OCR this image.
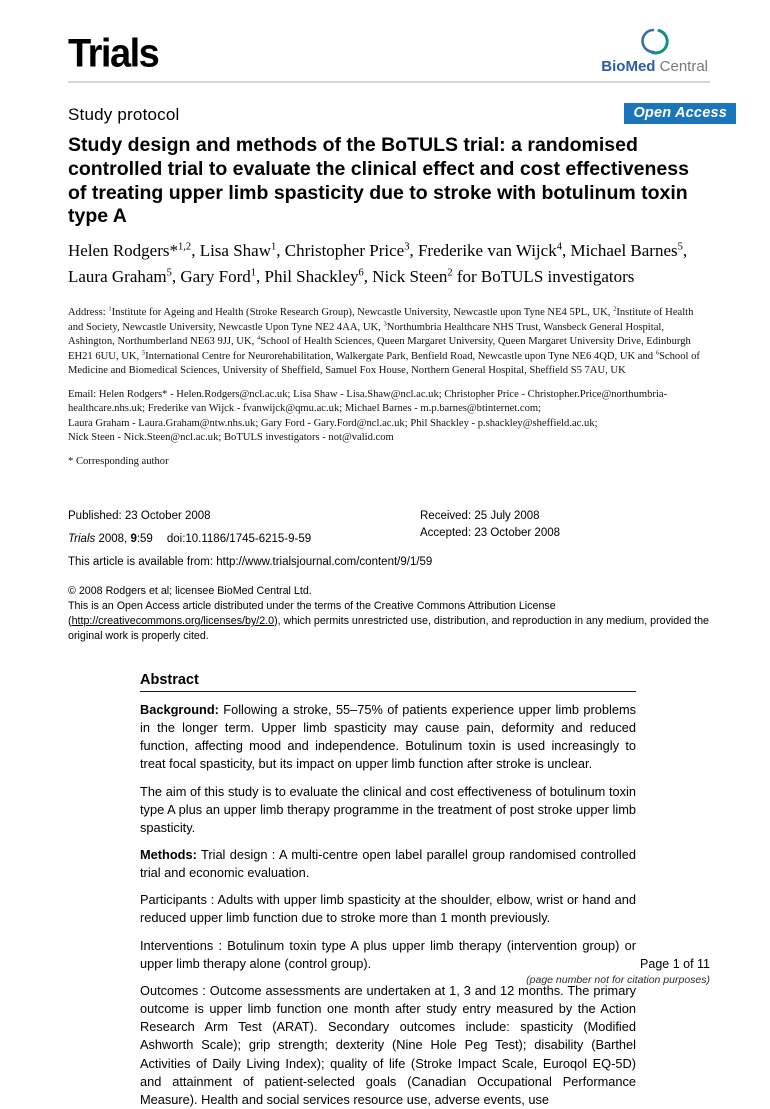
Trials	BioMed Central
Study protocol	Open Access
Study design and methods of the BoTULS trial: a randomised controlled trial to evaluate the clinical effect and cost effectiveness of treating upper limb spasticity due to stroke with botulinum toxin type A
Helen Rodgers*$^{1,2}$, Lisa Shaw$^1$, Christopher Price$^3$, Frederike van Wijck$^4$, Michael Barnes$^5$, Laura Graham$^5$, Gary Ford$^1$, Phil Shackley$^6$, Nick Steen$^2$ for BoTULS investigators
Address: $^1$Institute for Ageing and Health (Stroke Research Group), Newcastle University, Newcastle upon Tyne NE4 5PL, UK, $^2$Institute of Health and Society, Newcastle University, Newcastle Upon Tyne NE2 4AA, UK, $^3$Northumbria Healthcare NHS Trust, Wansbeck General Hospital, Ashington, Northumberland NE63 9JJ, UK, $^4$School of Health Sciences, Queen Margaret University, Queen Margaret University Drive, Edinburgh EH21 6UU, UK, $^5$International Centre for Neurorehabilitation, Walkergate Park, Benfield Road, Newcastle upon Tyne NE6 4QD, UK and $^6$School of Medicine and Biomedical Sciences, University of Sheffield, Samuel Fox House, Northern General Hospital, Sheffield S5 7AU, UK
Email: Helen Rodgers* - Helen.Rodgers@ncl.ac.uk; Lisa Shaw - Lisa.Shaw@ncl.ac.uk; Christopher Price - Christopher.Price@northumbria-
healthcare.nhs.uk; Frederike van Wijck - fvanwijck@qmu.ac.uk; Michael Barnes - m.p.barnes@btinternet.com;
Laura Graham - Laura.Graham@ntw.nhs.uk; Gary Ford - Gary.Ford@ncl.ac.uk; Phil Shackley - p.shackley@sheffield.ac.uk;
Nick Steen - Nick.Steen@ncl.ac.uk; BoTULS investigators - not@valid.com
* Corresponding author
Published: 23 October 2008
Trials 2008, 9:59 doi:10.1186/1745-6215-9-59
This article is available from: http://www.trialsjournal.com/content/9/1/59
Received: 25 July 2008
Accepted: 23 October 2008
© 2008 Rodgers et al; licensee BioMed Central Ltd.
This is an Open Access article distributed under the terms of the Creative Commons Attribution License (http://creativecommons.org/licenses/by/2.0), which permits unrestricted use, distribution, and reproduction in any medium, provided the original work is properly cited.
Abstract

Background: Following a stroke, 55–75% of patients experience upper limb problems in the longer term. Upper limb spasticity may cause pain, deformity and reduced function, affecting mood and independence. Botulinum toxin is used increasingly to treat focal spasticity, but its impact on upper limb function after stroke is unclear.

The aim of this study is to evaluate the clinical and cost effectiveness of botulinum toxin type A plus an upper limb therapy programme in the treatment of post stroke upper limb spasticity.

Methods: Trial design : A multi-centre open label parallel group randomised controlled trial and economic evaluation.

Participants : Adults with upper limb spasticity at the shoulder, elbow, wrist or hand and reduced upper limb function due to stroke more than 1 month previously.

Interventions : Botulinum toxin type A plus upper limb therapy (intervention group) or upper limb therapy alone (control group).

Outcomes : Outcome assessments are undertaken at 1, 3 and 12 months. The primary outcome is upper limb function one month after study entry measured by the Action Research Arm Test (ARAT). Secondary outcomes include: spasticity (Modified Ashworth Scale); grip strength; dexterity (Nine Hole Peg Test); disability (Barthel Activities of Daily Living Index); quality of life (Stroke Impact Scale, Euroqol EQ-5D) and attainment of patient-selected goals (Canadian Occupational Performance Measure). Health and social services resource use, adverse events, use

Page 1 of 11
(page number not for citation purposes)
